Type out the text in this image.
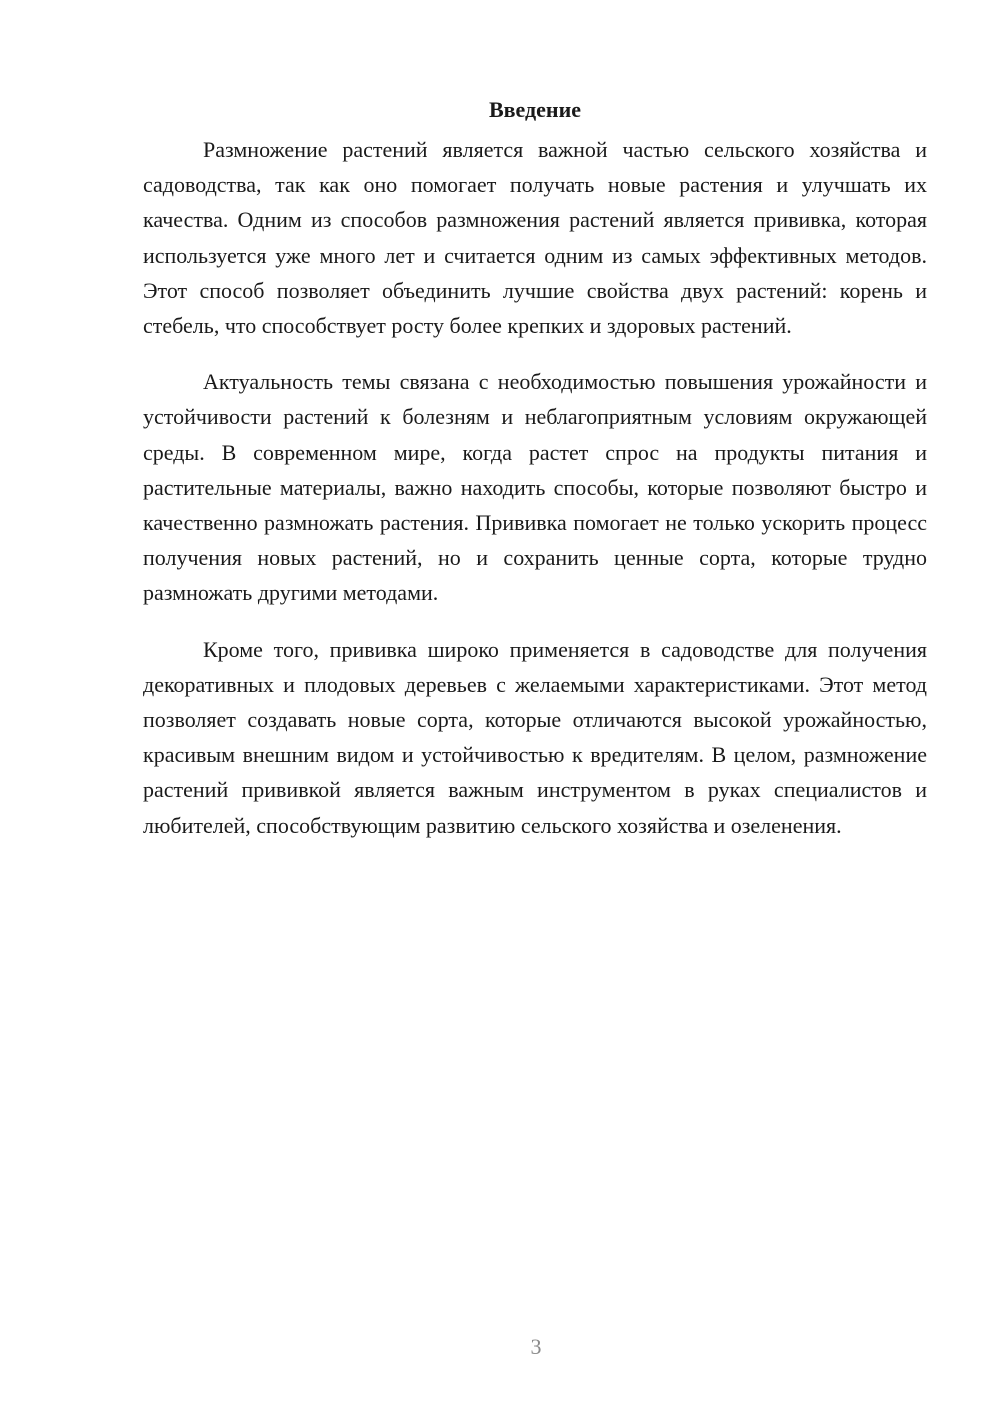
Введение

Размножение растений является важной частью сельского хозяйства и садоводства, так как оно помогает получать новые растения и улучшать их качества. Одним из способов размножения растений является прививка, которая используется уже много лет и считается одним из самых эффективных методов. Этот способ позволяет объединить лучшие свойства двух растений: корень и стебель, что способствует росту более крепких и здоровых растений.

Актуальность темы связана с необходимостью повышения урожайности и устойчивости растений к болезням и неблагоприятным условиям окружающей среды. В современном мире, когда растет спрос на продукты питания и растительные материалы, важно находить способы, которые позволяют быстро и качественно размножать растения. Прививка помогает не только ускорить процесс получения новых растений, но и сохранить ценные сорта, которые трудно размножать другими методами.

Кроме того, прививка широко применяется в садоводстве для получения декоративных и плодовых деревьев с желаемыми характеристиками. Этот метод позволяет создавать новые сорта, которые отличаются высокой урожайностью, красивым внешним видом и устойчивостью к вредителям. В целом, размножение растений прививкой является важным инструментом в руках специалистов и любителей, способствующим развитию сельского хозяйства и озеленения.

3
